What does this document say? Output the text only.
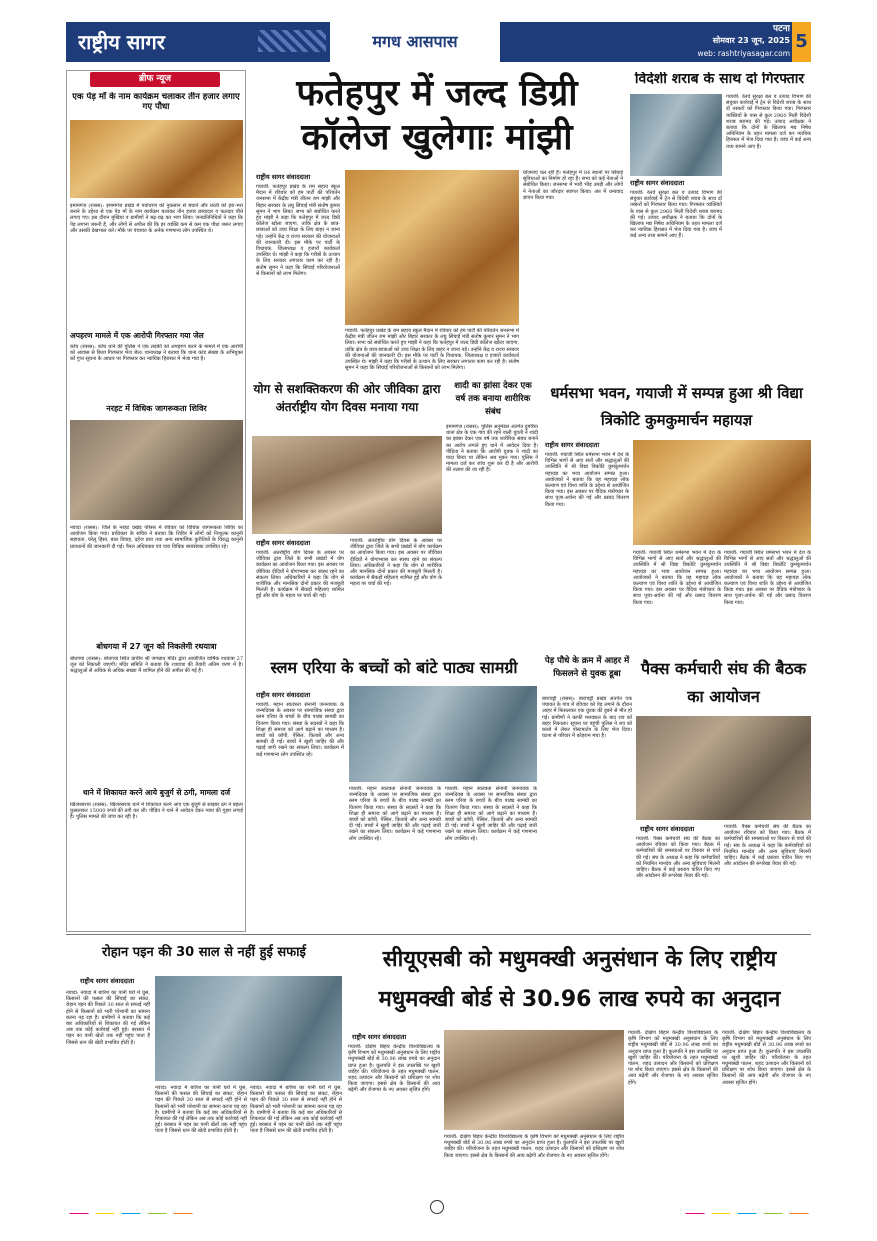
राष्ट्रीय सागर	मगध आसपास
पटना
सोमवार 23 जून, 2025
web: rashtriyasagar.com
5
ब्रीफ न्यूज
एक पेड़ माँ के नाम कार्यक्रम चलाकर तीन हजार लगाए गए पौधा
इमामगंज (रासस): इमामगंज प्रखंड में पर्यावरण को नुकसान से बचाने और धरती को हरा-भरा बनाने के उद्देश्य से एक पेड़ माँ के नाम कार्यक्रम चलाकर तीन हजार छायादार व फलदार पौधे लगाए गए। इस दौरान मुखिया व ग्रामीणों ने बढ़-चढ़ कर भाग लिया। जनप्रतिनिधियों ने कहा कि पेड़ लगाना जरूरी है, और लोगों से अपील की कि हर व्यक्ति कम से कम एक पौधा जरूर लगाए और उसकी देखभाल करे। मौके पर पंचायत के अनेक गणमान्य लोग उपस्थित थे।
अपहरण मामले में एक आरोपी गिरफ्तार गया जेल
कोंच (रासस): कोंच थाने की पुलिस ने एक लड़की को अपहरण करने के मामले में एक आरोपी को आवास से किया गिरफ्तार भेज जेल। थानाध्यक्ष ने बताया कि थाना कांड संख्या के अभियुक्त को गुप्त सूचना के आधार पर गिरफ्तार कर न्यायिक हिरासत में भेजा गया है।
नरहट में विधिक जागरूकता शिविर
नवादा (रासस): जिले के नरहट प्रखंड परिसर में रविवार को विधिक जागरूकता शिविर का आयोजन किया गया। प्राधिकार के सचिव ने बताया कि शिविर में लोगों को निःशुल्क कानूनी सहायता, घरेलू हिंसा, बाल विवाह, दहेज प्रथा तथा अन्य सामाजिक कुरीतियों के विरुद्ध कानूनी प्रावधानों की जानकारी दी गई। पैनल अधिवक्ता एवं पारा विधिक स्वयंसेवक उपस्थित रहे।
बोधगया में 27 जून को निकलेगी रथयात्रा
बोधगया (रासस): बोधगया स्थित प्राचीन श्री जगन्नाथ मंदिर द्वारा आयोजित वार्षिक रथयात्रा 27 जून को निकाली जाएगी। मंदिर समिति ने बताया कि रथयात्रा की तैयारी अंतिम चरण में है। श्रद्धालुओं से अधिक से अधिक संख्या में शामिल होने की अपील की गई है।
थाने में शिकायत करने आये बुजुर्ग से ठगी, मामला दर्ज
खिजरसराय (रासस): खिजरसराय थाने में शिकायत करने आए एक बुजुर्ग से साइबर ठग ने बहला फुसलाकर 15000 रुपये की ठगी कर ली। पीड़ित ने थाने में आवेदन देकर न्याय की गुहार लगाई है। पुलिस मामले की जांच कर रही है।
फतेहपुर में जल्द डिग्री कॉलेज खुलेगाः मांझी
राष्ट्रीय सागर संवाददाता
गयाजी: फतेहपुर प्रखंड के राम सहाय स्कूल मैदान में रविवार को हम पार्टी की परिवर्तन जनसभा में केंद्रीय मंत्री जीतन राम मांझी और बिहार सरकार के लघु सिंचाई मंत्री संतोष कुमार सुमन ने भाग लिया। सभा को संबोधित करते हुए मांझी ने कहा कि फतेहपुर में जल्द डिग्री कॉलेज खोला जाएगा, ताकि क्षेत्र के छात्र-छात्राओं को उच्च शिक्षा के लिए बाहर न जाना पड़े। उन्होंने केंद्र व राज्य सरकार की योजनाओं की जानकारी दी। इस मौके पर पार्टी के विधायक, जिलाध्यक्ष व हजारों कार्यकर्ता उपस्थित थे। मांझी ने कहा कि गरीबों के उत्थान के लिए सरकार लगातार काम कर रही है। संतोष सुमन ने कहा कि सिंचाई परियोजनाओं से किसानों को लाभ मिलेगा।
गयाजी: फतेहपुर प्रखंड के राम सहाय स्कूल मैदान में रविवार को हम पार्टी की परिवर्तन जनसभा में केंद्रीय मंत्री जीतन राम मांझी और बिहार सरकार के लघु सिंचाई मंत्री संतोष कुमार सुमन ने भाग लिया। सभा को संबोधित करते हुए मांझी ने कहा कि फतेहपुर में जल्द डिग्री कॉलेज खोला जाएगा, ताकि क्षेत्र के छात्र-छात्राओं को उच्च शिक्षा के लिए बाहर न जाना पड़े। उन्होंने केंद्र व राज्य सरकार की योजनाओं की जानकारी दी। इस मौके पर पार्टी के विधायक, जिलाध्यक्ष व हजारों कार्यकर्ता उपस्थित थे। मांझी ने कहा कि गरीबों के उत्थान के लिए सरकार लगातार काम कर रही है। संतोष सुमन ने कहा कि सिंचाई परियोजनाओं से किसानों को लाभ मिलेगा।
योजनाएं चल रही हैं। फतेहपुर में 84 स्थानों पर सिंचाई सुविधाओं का निर्माण हो रहा है। सभा को कई नेताओं ने संबोधित किया। जनसभा में भारी भीड़ उमड़ी और लोगों ने नेताओं का जोरदार स्वागत किया। अंत में धन्यवाद ज्ञापन किया गया।
विदेशी शराब के साथ दो गिरफ्तार
राष्ट्रीय सागर संवाददाता
गयाजी: रेलवे सुरक्षा बल व उत्पाद विभाग की संयुक्त कार्रवाई में ट्रेन से विदेशी शराब के साथ दो तस्करों को गिरफ्तार किया गया। गिरफ्तार व्यक्तियों के पास से कुल 2960 मिली विदेशी शराब बरामद की गई। उत्पाद अधीक्षक ने बताया कि दोनों के खिलाफ मद्य निषेध अधिनियम के तहत मामला दर्ज कर न्यायिक हिरासत में भेज दिया गया है। जांच में कई अन्य तथ्य सामने आए हैं।
गयाजी: रेलवे सुरक्षा बल व उत्पाद विभाग की संयुक्त कार्रवाई में ट्रेन से विदेशी शराब के साथ दो तस्करों को गिरफ्तार किया गया। गिरफ्तार व्यक्तियों के पास से कुल 2960 मिली विदेशी शराब बरामद की गई। उत्पाद अधीक्षक ने बताया कि दोनों के खिलाफ मद्य निषेध अधिनियम के तहत मामला दर्ज कर न्यायिक हिरासत में भेज दिया गया है। जांच में कई अन्य तथ्य सामने आए हैं।
योग से सशक्तिकरण की ओर जीविका द्वारा अंतर्राष्ट्रीय योग दिवस मनाया गया
राष्ट्रीय सागर संवाददाता
गयाजी: अंतर्राष्ट्रीय योग दिवस के अवसर पर जीविका द्वारा जिले के सभी प्रखंडों में योग कार्यक्रम का आयोजन किया गया। इस अवसर पर जीविका दीदियों ने योगाभ्यास कर स्वस्थ रहने का संकल्प लिया। अधिकारियों ने कहा कि योग से शारीरिक और मानसिक दोनों प्रकार की मजबूती मिलती है। कार्यक्रम में सैकड़ों महिलाएं शामिल हुईं और योग के महत्व पर चर्चा की गई।
गयाजी: अंतर्राष्ट्रीय योग दिवस के अवसर पर जीविका द्वारा जिले के सभी प्रखंडों में योग कार्यक्रम का आयोजन किया गया। इस अवसर पर जीविका दीदियों ने योगाभ्यास कर स्वस्थ रहने का संकल्प लिया। अधिकारियों ने कहा कि योग से शारीरिक और मानसिक दोनों प्रकार की मजबूती मिलती है। कार्यक्रम में सैकड़ों महिलाएं शामिल हुईं और योग के महत्व पर चर्चा की गई।
शादी का झांसा देकर एक वर्ष तक बनाया शारीरिक संबंध
इमामगंज (रासस): पुलिस अनुमंडल अंतर्गत दुमरिया थाना क्षेत्र के एक गांव की रहने वाली युवती ने शादी का झांसा देकर एक वर्ष तक शारीरिक संबंध बनाने का आरोप लगाते हुए थाने में आवेदन दिया है। पीड़िता ने बताया कि आरोपी युवक ने शादी का वादा किया था लेकिन अब मुकर गया। पुलिस ने मामला दर्ज कर जांच शुरू कर दी है और आरोपी की तलाश की जा रही है।
धर्मसभा भवन, गयाजी में सम्पन्न हुआ श्री विद्या त्रिकोटि कुमकुमार्चन महायज्ञ
राष्ट्रीय सागर संवाददाता
गयाजी: गयाजी स्थित धर्मसभा भवन में देश के विभिन्न भागों से आए संतों और श्रद्धालुओं की उपस्थिति में श्री विद्या त्रिकोटि कुमकुमार्चन महायज्ञ का भव्य आयोजन सम्पन्न हुआ। आयोजकों ने बताया कि यह महायज्ञ लोक कल्याण एवं विश्व शांति के उद्देश्य से आयोजित किया गया। इस अवसर पर वैदिक मंत्रोच्चार के साथ पूजा-अर्चना की गई और प्रसाद वितरण किया गया।
गयाजी: गयाजी स्थित धर्मसभा भवन में देश के विभिन्न भागों से आए संतों और श्रद्धालुओं की उपस्थिति में श्री विद्या त्रिकोटि कुमकुमार्चन महायज्ञ का भव्य आयोजन सम्पन्न हुआ। आयोजकों ने बताया कि यह महायज्ञ लोक कल्याण एवं विश्व शांति के उद्देश्य से आयोजित किया गया। इस अवसर पर वैदिक मंत्रोच्चार के साथ पूजा-अर्चना की गई और प्रसाद वितरण किया गया।
गयाजी: गयाजी स्थित धर्मसभा भवन में देश के विभिन्न भागों से आए संतों और श्रद्धालुओं की उपस्थिति में श्री विद्या त्रिकोटि कुमकुमार्चन महायज्ञ का भव्य आयोजन सम्पन्न हुआ। आयोजकों ने बताया कि यह महायज्ञ लोक कल्याण एवं विश्व शांति के उद्देश्य से आयोजित किया गया। इस अवसर पर वैदिक मंत्रोच्चार के साथ पूजा-अर्चना की गई और प्रसाद वितरण किया गया।
स्लम एरिया के बच्चों को बांटे पाठ्य सामग्री
राष्ट्रीय सागर संवाददाता
गयाजी: महान स्वतंत्रता सेनानी जननायक के जन्मदिवस के अवसर पर सामाजिक संस्था द्वारा स्लम एरिया के बच्चों के बीच पाठ्य सामग्री का वितरण किया गया। संस्था के सदस्यों ने कहा कि शिक्षा ही समाज को आगे बढ़ाने का माध्यम है। बच्चों को कॉपी, पेंसिल, किताबें और अन्य सामग्री दी गई। बच्चों ने खुशी जाहिर की और पढ़ाई जारी रखने का संकल्प लिया। कार्यक्रम में कई गणमान्य लोग उपस्थित रहे।
गयाजी: महान स्वतंत्रता सेनानी जननायक के जन्मदिवस के अवसर पर सामाजिक संस्था द्वारा स्लम एरिया के बच्चों के बीच पाठ्य सामग्री का वितरण किया गया। संस्था के सदस्यों ने कहा कि शिक्षा ही समाज को आगे बढ़ाने का माध्यम है। बच्चों को कॉपी, पेंसिल, किताबें और अन्य सामग्री दी गई। बच्चों ने खुशी जाहिर की और पढ़ाई जारी रखने का संकल्प लिया। कार्यक्रम में कई गणमान्य लोग उपस्थित रहे।
गयाजी: महान स्वतंत्रता सेनानी जननायक के जन्मदिवस के अवसर पर सामाजिक संस्था द्वारा स्लम एरिया के बच्चों के बीच पाठ्य सामग्री का वितरण किया गया। संस्था के सदस्यों ने कहा कि शिक्षा ही समाज को आगे बढ़ाने का माध्यम है। बच्चों को कॉपी, पेंसिल, किताबें और अन्य सामग्री दी गई। बच्चों ने खुशी जाहिर की और पढ़ाई जारी रखने का संकल्प लिया। कार्यक्रम में कई गणमान्य लोग उपस्थित रहे।
पेड़ पौधे के क्रम में आहर में फिसलने से युवक डूबा
बाराचट्टी (रासस): बाराचट्टी प्रखंड अंतर्गत एक पंचायत के गांव में रविवार को पेड़ लगाने के दौरान आहर में फिसलकर एक युवक की डूबने से मौत हो गई। ग्रामीणों ने काफी मशक्कत के बाद शव को बाहर निकाला। सूचना पर पहुंची पुलिस ने शव को कब्जे में लेकर पोस्टमार्टम के लिए भेज दिया। घटना से परिवार में कोहराम मचा है।
पैक्स कर्मचारी संघ की बैठक का आयोजन
राष्ट्रीय सागर संवाददाता
गयाजी: पैक्स कर्मचारी संघ की बैठक का आयोजन रविवार को किया गया। बैठक में कर्मचारियों की समस्याओं पर विस्तार से चर्चा की गई। संघ के अध्यक्ष ने कहा कि कर्मचारियों को नियमित मानदेय और अन्य सुविधाएं मिलनी चाहिए। बैठक में कई प्रस्ताव पारित किए गए और आंदोलन की रूपरेखा तैयार की गई।
गयाजी: पैक्स कर्मचारी संघ की बैठक का आयोजन रविवार को किया गया। बैठक में कर्मचारियों की समस्याओं पर विस्तार से चर्चा की गई। संघ के अध्यक्ष ने कहा कि कर्मचारियों को नियमित मानदेय और अन्य सुविधाएं मिलनी चाहिए। बैठक में कई प्रस्ताव पारित किए गए और आंदोलन की रूपरेखा तैयार की गई।
रोहान पइन की 30 साल से नहीं हुई सफाई
राष्ट्रीय सागर संवाददाता
नवादा: नवादा में बारिश का पानी घरों में घुस, किसानों की फसल की सिंचाई का संकट, रोहान पइन की पिछले 30 साल से सफाई नहीं होने से किसानों को भारी परेशानी का सामना करना पड़ रहा है। ग्रामीणों ने बताया कि कई बार अधिकारियों से शिकायत की गई लेकिन अब तक कोई कार्रवाई नहीं हुई। बरसात में पइन का पानी खेतों तक नहीं पहुंच पाता है जिससे धान की खेती प्रभावित होती है।
नवादा: नवादा में बारिश का पानी घरों में घुस, किसानों की फसल की सिंचाई का संकट, रोहान पइन की पिछले 30 साल से सफाई नहीं होने से किसानों को भारी परेशानी का सामना करना पड़ रहा है। ग्रामीणों ने बताया कि कई बार अधिकारियों से शिकायत की गई लेकिन अब तक कोई कार्रवाई नहीं हुई। बरसात में पइन का पानी खेतों तक नहीं पहुंच पाता है जिससे धान की खेती प्रभावित होती है।
नवादा: नवादा में बारिश का पानी घरों में घुस, किसानों की फसल की सिंचाई का संकट, रोहान पइन की पिछले 30 साल से सफाई नहीं होने से किसानों को भारी परेशानी का सामना करना पड़ रहा है। ग्रामीणों ने बताया कि कई बार अधिकारियों से शिकायत की गई लेकिन अब तक कोई कार्रवाई नहीं हुई। बरसात में पइन का पानी खेतों तक नहीं पहुंच पाता है जिससे धान की खेती प्रभावित होती है।
सीयूएसबी को मधुमक्खी अनुसंधान के लिए राष्ट्रीय मधुमक्खी बोर्ड से 30.96 लाख रुपये का अनुदान
राष्ट्रीय सागर संवाददाता
गयाजी: दक्षिण बिहार केन्द्रीय विश्वविद्यालय के कृषि विभाग को मधुमक्खी अनुसंधान के लिए राष्ट्रीय मधुमक्खी बोर्ड से 30.96 लाख रुपये का अनुदान प्राप्त हुआ है। कुलपति ने इस उपलब्धि पर खुशी जाहिर की। परियोजना के तहत मधुमक्खी पालन, शहद उत्पादन और किसानों को प्रशिक्षण पर शोध किया जाएगा। इससे क्षेत्र के किसानों की आय बढ़ेगी और रोजगार के नए अवसर सृजित होंगे।
गयाजी: दक्षिण बिहार केन्द्रीय विश्वविद्यालय के कृषि विभाग को मधुमक्खी अनुसंधान के लिए राष्ट्रीय मधुमक्खी बोर्ड से 30.96 लाख रुपये का अनुदान प्राप्त हुआ है। कुलपति ने इस उपलब्धि पर खुशी जाहिर की। परियोजना के तहत मधुमक्खी पालन, शहद उत्पादन और किसानों को प्रशिक्षण पर शोध किया जाएगा। इससे क्षेत्र के किसानों की आय बढ़ेगी और रोजगार के नए अवसर सृजित होंगे।
गयाजी: दक्षिण बिहार केन्द्रीय विश्वविद्यालय के कृषि विभाग को मधुमक्खी अनुसंधान के लिए राष्ट्रीय मधुमक्खी बोर्ड से 30.96 लाख रुपये का अनुदान प्राप्त हुआ है। कुलपति ने इस उपलब्धि पर खुशी जाहिर की। परियोजना के तहत मधुमक्खी पालन, शहद उत्पादन और किसानों को प्रशिक्षण पर शोध किया जाएगा। इससे क्षेत्र के किसानों की आय बढ़ेगी और रोजगार के नए अवसर सृजित होंगे।
गयाजी: दक्षिण बिहार केन्द्रीय विश्वविद्यालय के कृषि विभाग को मधुमक्खी अनुसंधान के लिए राष्ट्रीय मधुमक्खी बोर्ड से 30.96 लाख रुपये का अनुदान प्राप्त हुआ है। कुलपति ने इस उपलब्धि पर खुशी जाहिर की। परियोजना के तहत मधुमक्खी पालन, शहद उत्पादन और किसानों को प्रशिक्षण पर शोध किया जाएगा। इससे क्षेत्र के किसानों की आय बढ़ेगी और रोजगार के नए अवसर सृजित होंगे।
